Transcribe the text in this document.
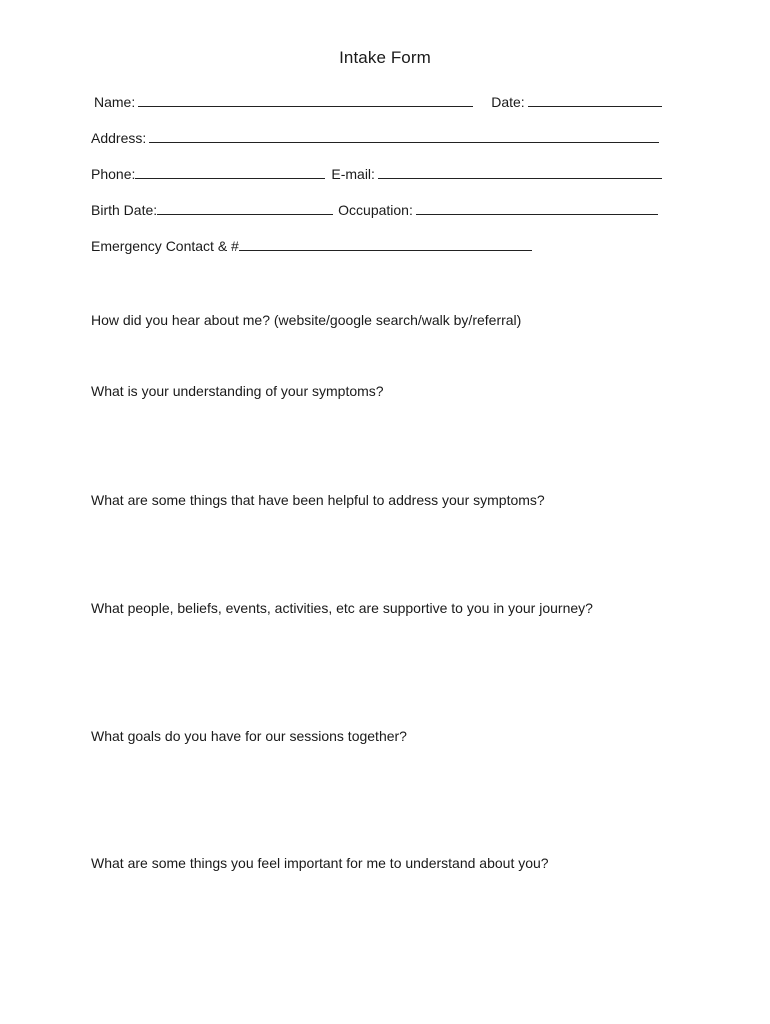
Intake Form
Name:	Date:
Address:
Phone:	E-mail:
Birth Date:	Occupation:
Emergency Contact & #
How did you hear about me? (website/google search/walk by/referral)
What is your understanding of your symptoms?
What are some things that have been helpful to address your symptoms?
What people, beliefs, events, activities, etc are supportive to you in your journey?
What goals do you have for our sessions together?
What are some things you feel important for me to understand about you?
